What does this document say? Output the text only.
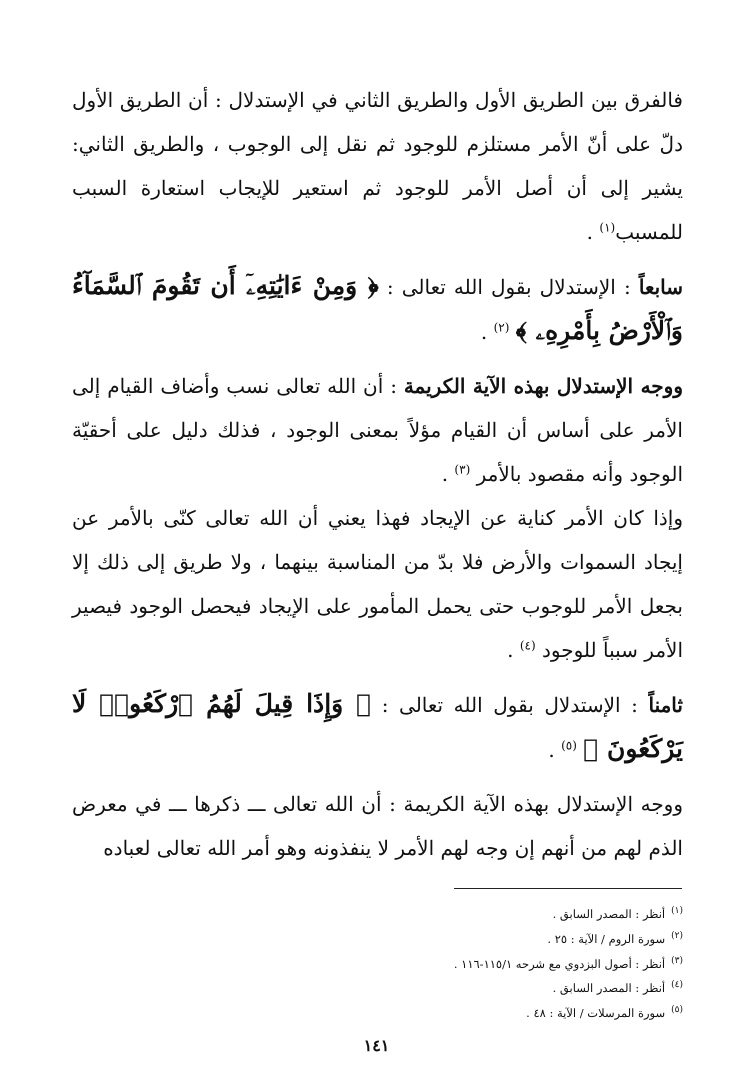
فالفرق بين الطريق الأول والطريق الثاني في الإستدلال : أن الطريق الأول دلّ على أنّ الأمر مستلزم للوجود ثم نقل إلى الوجوب ، والطريق الثاني: يشير إلى أن أصل الأمر للوجود ثم استعير للإيجاب استعارة السبب للمسبب$^{(١)}$ .

سابعاً : الإستدلال بقول الله تعالى : ﴿ وَمِنْ ءَايَٰتِهِۦٓ أَن تَقُومَ ٱلسَّمَآءُ وَٱلْأَرْضُ بِأَمْرِهِۦ ﴾ $^{(٢)}$ .

ووجه الإستدلال بهذه الآية الكريمة : أن الله تعالى نسب وأضاف القيام إلى الأمر على أساس أن القيام مؤلاً بمعنى الوجود ، فذلك دليل على أحقيّة الوجود وأنه مقصود بالأمر $^{(٣)}$ .

وإذا كان الأمر كناية عن الإيجاد فهذا يعني أن الله تعالى كنّى بالأمر عن إيجاد السموات والأرض فلا بدّ من المناسبة بينهما ، ولا طريق إلى ذلك إلا بجعل الأمر للوجوب حتى يحمل المأمور على الإيجاد فيحصل الوجود فيصير الأمر سبباً للوجود $^{(٤)}$ .

ثامناً : الإستدلال بقول الله تعالى : ﴿ وَإِذَا قِيلَ لَهُمُ ٱرْكَعُوا۟ لَا يَرْكَعُونَ ﴾ $^{(٥)}$ .

ووجه الإستدلال بهذه الآية الكريمة : أن الله تعالى ـــ ذكرها ـــ في معرض الذم لهم من أنهم إن وجه لهم الأمر لا ينفذونه وهو أمر الله تعالى لعباده

$^{(١)}$أنظر : المصدر السابق .
$^{(٢)}$سورة الروم / الآية : ٢٥ .
$^{(٣)}$أنظر : أصول البزدوي مع شرحه ١١٥/١-١١٦ .
$^{(٤)}$أنظر : المصدر السابق .
$^{(٥)}$سورة المرسلات / الآية : ٤٨ .
١٤١
